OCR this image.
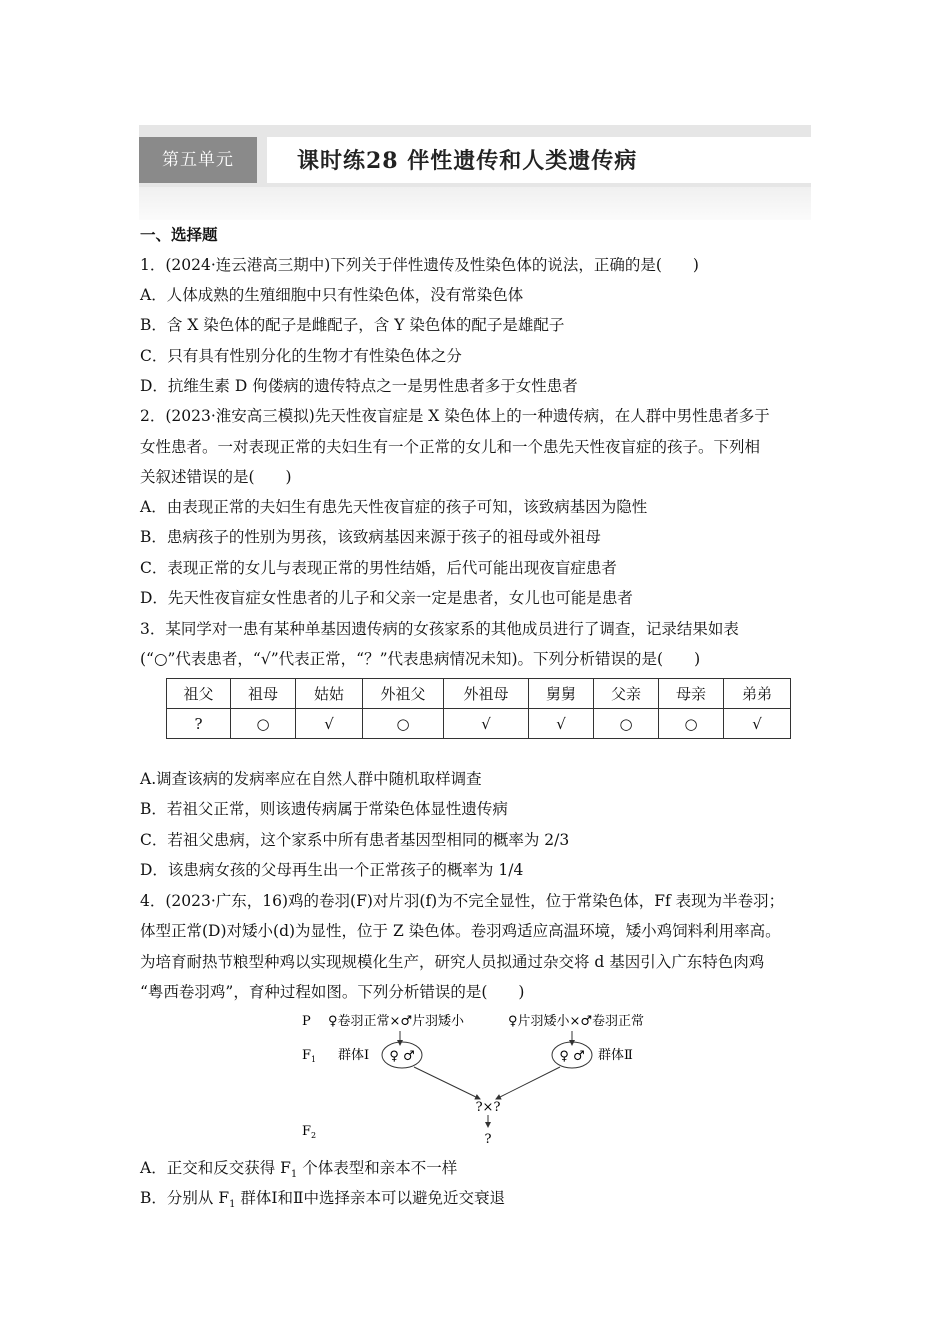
第五单元	课时练28 伴性遗传和人类遗传病
一、选择题
1．(2024·连云港高三期中)下列关于伴性遗传及性染色体的说法，正确的是(　　)
A．人体成熟的生殖细胞中只有性染色体，没有常染色体
B．含 X 染色体的配子是雌配子，含 Y 染色体的配子是雄配子
C．只有具有性别分化的生物才有性染色体之分
D．抗维生素 D 佝偻病的遗传特点之一是男性患者多于女性患者
2．(2023·淮安高三模拟)先天性夜盲症是 X 染色体上的一种遗传病，在人群中男性患者多于
女性患者。一对表现正常的夫妇生有一个正常的女儿和一个患先天性夜盲症的孩子。下列相
关叙述错误的是(　　)
A．由表现正常的夫妇生有患先天性夜盲症的孩子可知，该致病基因为隐性
B．患病孩子的性别为男孩，该致病基因来源于孩子的祖母或外祖母
C．表现正常的女儿与表现正常的男性结婚，后代可能出现夜盲症患者
D．先天性夜盲症女性患者的儿子和父亲一定是患者，女儿也可能是患者
3．某同学对一患有某种单基因遗传病的女孩家系的其他成员进行了调查，记录结果如表
(“○”代表患者，“√”代表正常，“？”代表患病情况未知)。下列分析错误的是(　　)
祖父	祖母	姑姑	外祖父	外祖母	舅舅	父亲	母亲	弟弟
?	○	√	○	√	√	○	○	√
A.调查该病的发病率应在自然人群中随机取样调查
B．若祖父正常，则该遗传病属于常染色体显性遗传病
C．若祖父患病，这个家系中所有患者基因型相同的概率为 2/3
D．该患病女孩的父母再生出一个正常孩子的概率为 1/4
4．(2023·广东，16)鸡的卷羽(F)对片羽(f)为不完全显性，位于常染色体，Ff 表现为半卷羽；
体型正常(D)对矮小(d)为显性，位于 Z 染色体。卷羽鸡适应高温环境，矮小鸡饲料利用率高。
为培育耐热节粮型种鸡以实现规模化生产，研究人员拟通过杂交将 d 基因引入广东特色肉鸡
“粤西卷羽鸡”，育种过程如图。下列分析错误的是(　　)
P ♀卷羽正常×♂片羽矮小	♀片羽矮小×♂卷羽正常
$F_1$ 群体Ⅰ ♀ ♂	♀ ♂ 群体Ⅱ
?×?
$F_2$	?
A．正交和反交获得 $F_1$ 个体表型和亲本不一样
B．分别从 $F_1$ 群体Ⅰ和Ⅱ中选择亲本可以避免近交衰退
